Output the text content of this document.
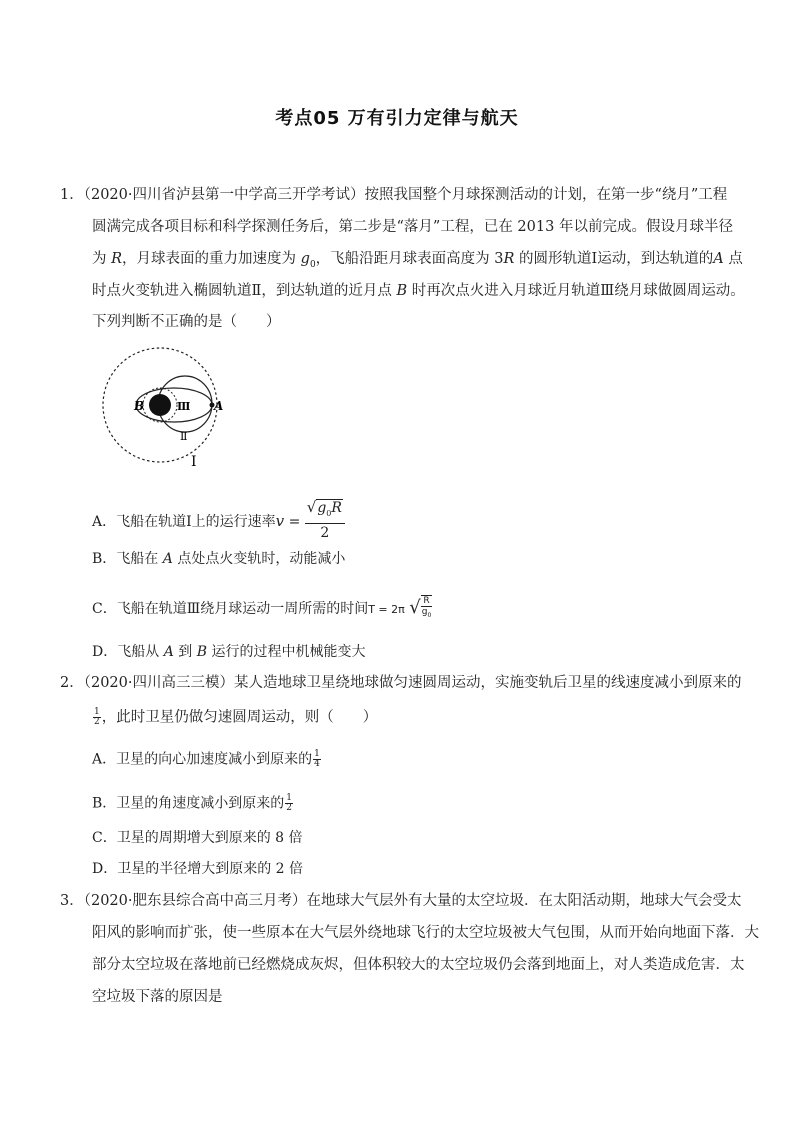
考点05 万有引力定律与航天
1．（2020·四川省泸县第一中学高三开学考试）按照我国整个月球探测活动的计划，在第一步“绕月”工程
圆满完成各项目标和科学探测任务后，第二步是“落月”工程，已在 2013 年以前完成。假设月球半径
为 R，月球表面的重力加速度为 $g_0$，飞船沿距月球表面高度为 3R 的圆形轨道Ⅰ运动，到达轨道的A 点
时点火变轨进入椭圆轨道Ⅱ，到达轨道的近月点 B 时再次点火进入月球近月轨道Ⅲ绕月球做圆周运动。
下列判断不正确的是（　　）
B	A
Ⅲ
Ⅱ
Ⅰ
A．飞船在轨道Ⅰ上的运行速率$v = \frac{√g_0R}{2}$
B．飞船在 A 点处点火变轨时，动能减小
C．飞船在轨道Ⅲ绕月球运动一周所需的时间T = 2π √ $\frac{R}{g_0}$
D．飞船从 A 到 B 运行的过程中机械能变大
2．（2020·四川高三三模）某人造地球卫星绕地球做匀速圆周运动，实施变轨后卫星的线速度减小到原来的
$\frac{1}{2}$ ，此时卫星仍做匀速圆周运动，则（　　）
A．卫星的向心加速度减小到原来的 $\frac{1}{4}$
B．卫星的角速度减小到原来的 $\frac{1}{2}$
C．卫星的周期增大到原来的 8 倍
D．卫星的半径增大到原来的 2 倍
3．（2020·肥东县综合高中高三月考）在地球大气层外有大量的太空垃圾．在太阳活动期，地球大气会受太
阳风的影响而扩张，使一些原本在大气层外绕地球飞行的太空垃圾被大气包围，从而开始向地面下落．大
部分太空垃圾在落地前已经燃烧成灰烬，但体积较大的太空垃圾仍会落到地面上，对人类造成危害．太
空垃圾下落的原因是
